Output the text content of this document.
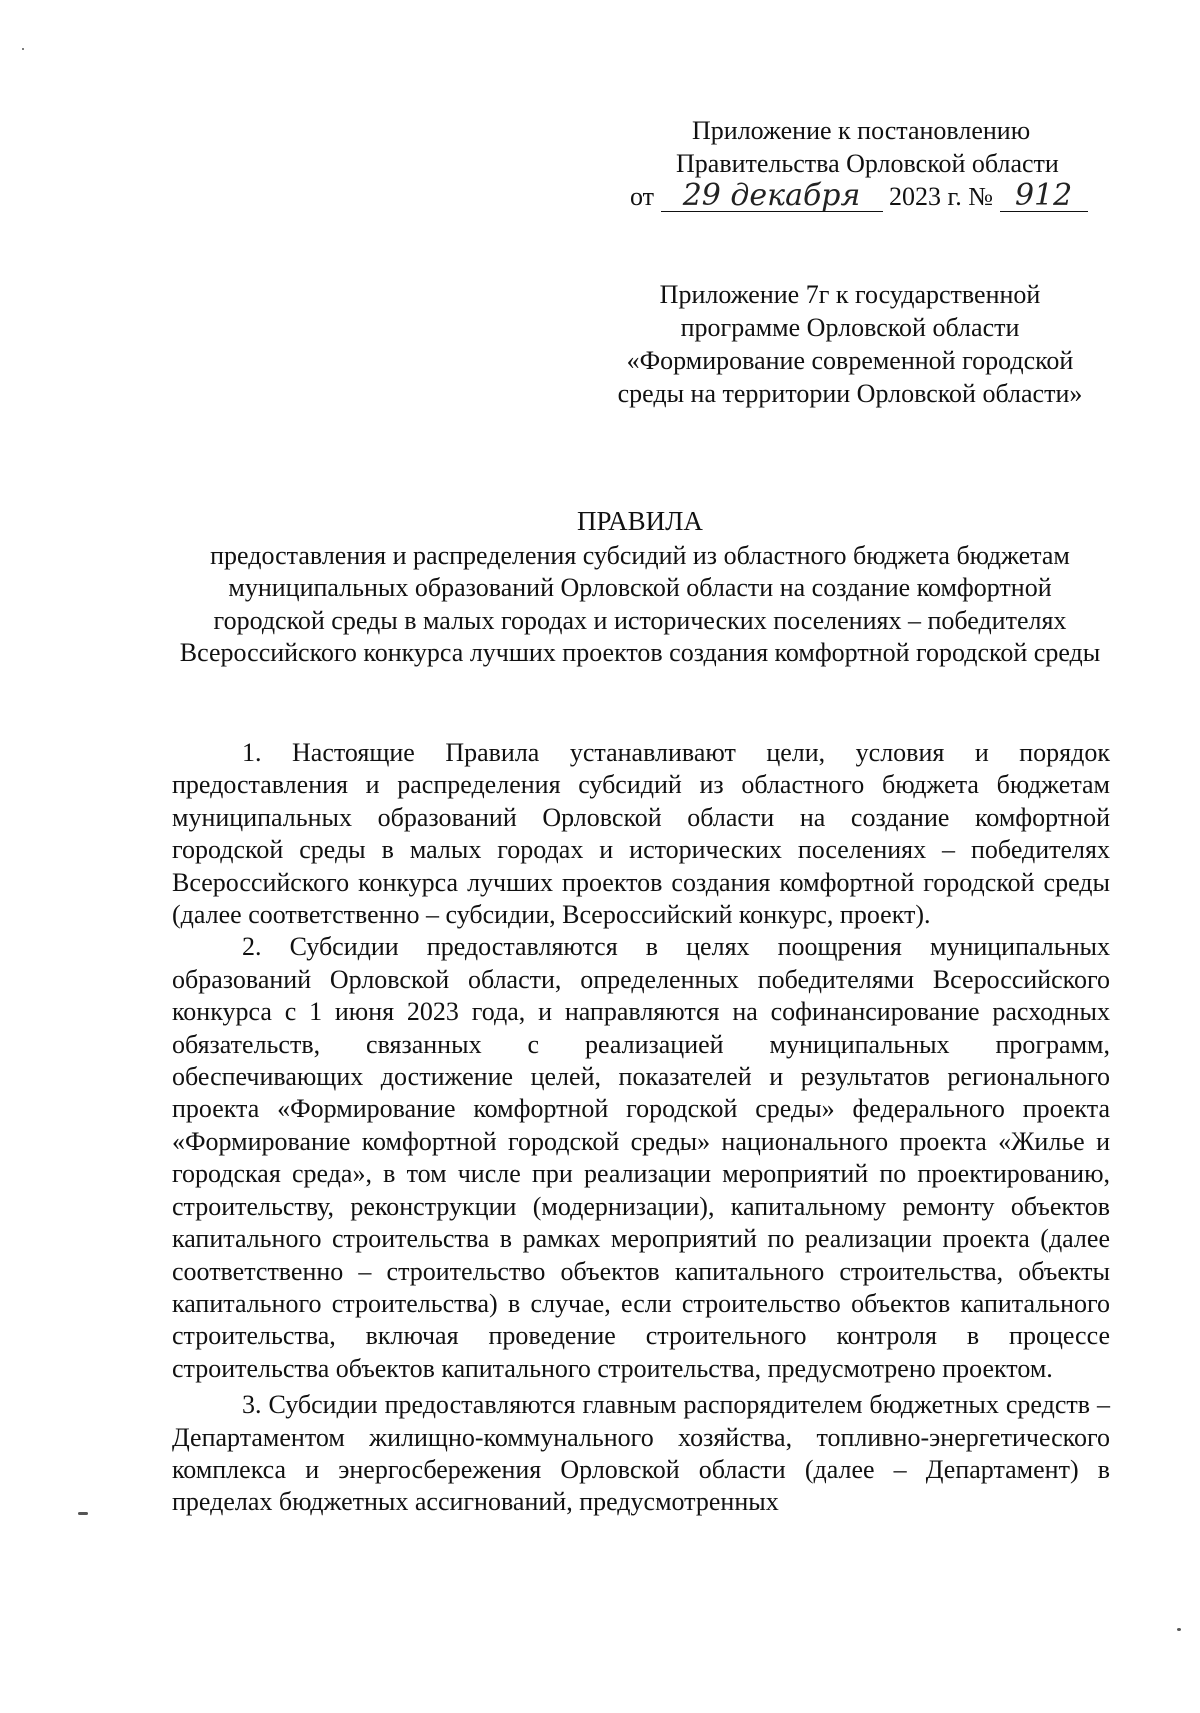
Приложение к постановлению
Правительства Орловской области
от 29 декабря 2023 г. № 912
Приложение 7г к государственной
программе Орловской области
«Формирование современной городской
среды на территории Орловской области»
ПРАВИЛА
предоставления и распределения субсидий из областного бюджета бюджетам муниципальных образований Орловской области на создание комфортной городской среды в малых городах и исторических поселениях – победителях Всероссийского конкурса лучших проектов создания комфортной городской среды

1. Настоящие Правила устанавливают цели, условия и порядок предоставления и распределения субсидий из областного бюджета бюджетам муниципальных образований Орловской области на создание комфортной городской среды в малых городах и исторических поселениях – победителях Всероссийского конкурса лучших проектов создания комфортной городской среды (далее соответственно – субсидии, Всероссийский конкурс, проект).

2. Субсидии предоставляются в целях поощрения муниципальных образований Орловской области, определенных победителями Всероссийского конкурса с 1 июня 2023 года, и направляются на софинансирование расходных обязательств, связанных с реализацией муниципальных программ, обеспечивающих достижение целей, показателей и результатов регионального проекта «Формирование комфортной городской среды» федерального проекта «Формирование комфортной городской среды» национального проекта «Жилье и городская среда», в том числе при реализации мероприятий по проектированию, строительству, реконструкции (модернизации), капитальному ремонту объектов капитального строительства в рамках мероприятий по реализации проекта (далее соответственно – строительство объектов капитального строительства, объекты капитального строительства) в случае, если строительство объектов капитального строительства, включая проведение строительного контроля в процессе строительства объектов капитального строительства, предусмотрено проектом.

3. Субсидии предоставляются главным распорядителем бюджетных средств – Департаментом жилищно-коммунального хозяйства, топливно-энергетического комплекса и энергосбережения Орловской области (далее – Департамент) в пределах бюджетных ассигнований, предусмотренных
